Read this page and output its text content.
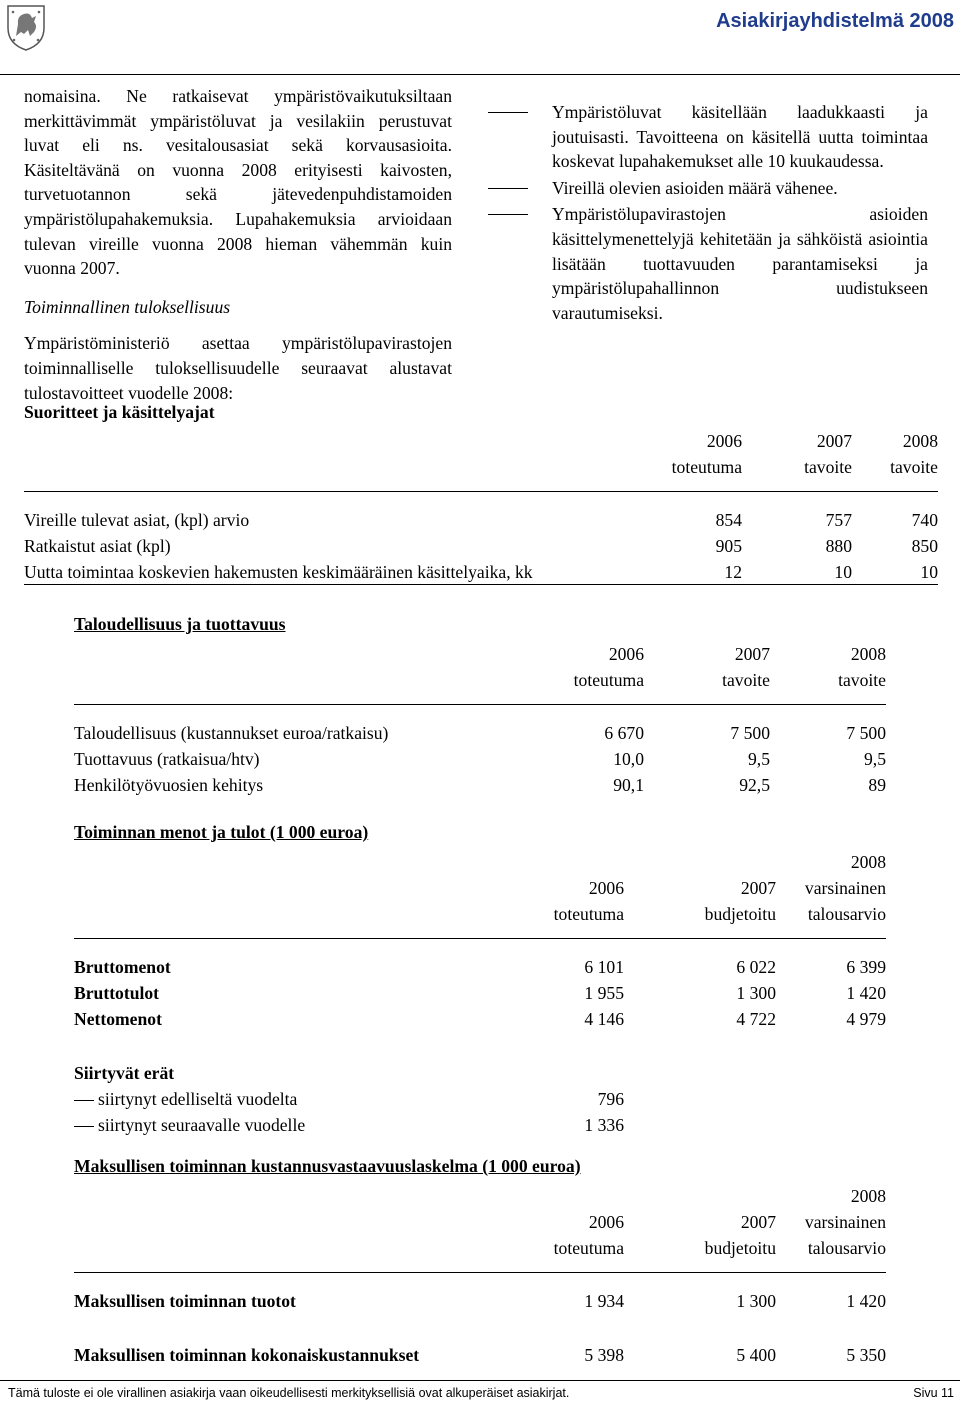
Asiakirjayhdistelmä 2008

nomaisina. Ne ratkaisevat ympäristövaikutuksiltaan merkittävimmät ympäristöluvat ja vesilakiin perustuvat luvat eli ns. vesitalousasiat sekä korvausasioita. Käsiteltävänä on vuonna 2008 erityisesti kaivosten, turvetuotannon sekä jätevedenpuhdistamoiden ympäristölupahakemuksia. Lupahakemuksia arvioidaan tulevan vireille vuonna 2008 hieman vähemmän kuin vuonna 2007.

Toiminnallinen tuloksellisuus

Ympäristöministeriö asettaa ympäristölupavirastojen toiminnalliselle tuloksellisuudelle seuraavat alustavat tulostavoitteet vuodelle 2008:

Ympäristöluvat käsitellään laadukkaasti ja joutuisasti. Tavoitteena on käsitellä uutta toimintaa koskevat lupahakemukset alle 10 kuukaudessa.

Vireillä olevien asioiden määrä vähenee.

Ympäristölupavirastojen asioiden käsittelymenettelyjä kehitetään ja sähköistä asiointia lisätään tuottavuuden parantamiseksi ja ympäristölupahallinnon uudistukseen varautumiseksi.

Suoritteet ja käsittelyajat
	2006	2007	2008
	toteutuma	tavoite	tavoite

Vireille tulevat asiat, (kpl) arvio	854	757	740
Ratkaistut asiat (kpl)	905	880	850
Uutta toimintaa koskevien hakemusten keskimääräinen käsittelyaika, kk	12	10	10
Taloudellisuus ja tuottavuus
	2006	2007	2008
	toteutuma	tavoite	tavoite

Taloudellisuus (kustannukset euroa/ratkaisu)	6 670	7 500	7 500
Tuottavuus (ratkaisua/htv)	10,0	9,5	9,5
Henkilötyövuosien kehitys	90,1	92,5	89
Toiminnan menot ja tulot (1 000 euroa)
			2008
	2006	2007	varsinainen
	toteutuma	budjetoitu	talousarvio

Bruttomenot	6 101	6 022	6 399
Bruttotulot	1 955	1 300	1 420
Nettomenot	4 146	4 722	4 979

Siirtyvät erät			
siirtynyt edelliseltä vuodelta	796		
siirtynyt seuraavalle vuodelle	1 336		
Maksullisen toiminnan kustannusvastaavuuslaskelma (1 000 euroa)
			2008
	2006	2007	varsinainen
	toteutuma	budjetoitu	talousarvio

Maksullisen toiminnan tuotot	1 934	1 300	1 420

Maksullisen toiminnan kokonaiskustannukset	5 398	5 400	5 350
Tämä tuloste ei ole virallinen asiakirja vaan oikeudellisesti merkityksellisiä ovat alkuperäiset asiakirjat.	Sivu 11
